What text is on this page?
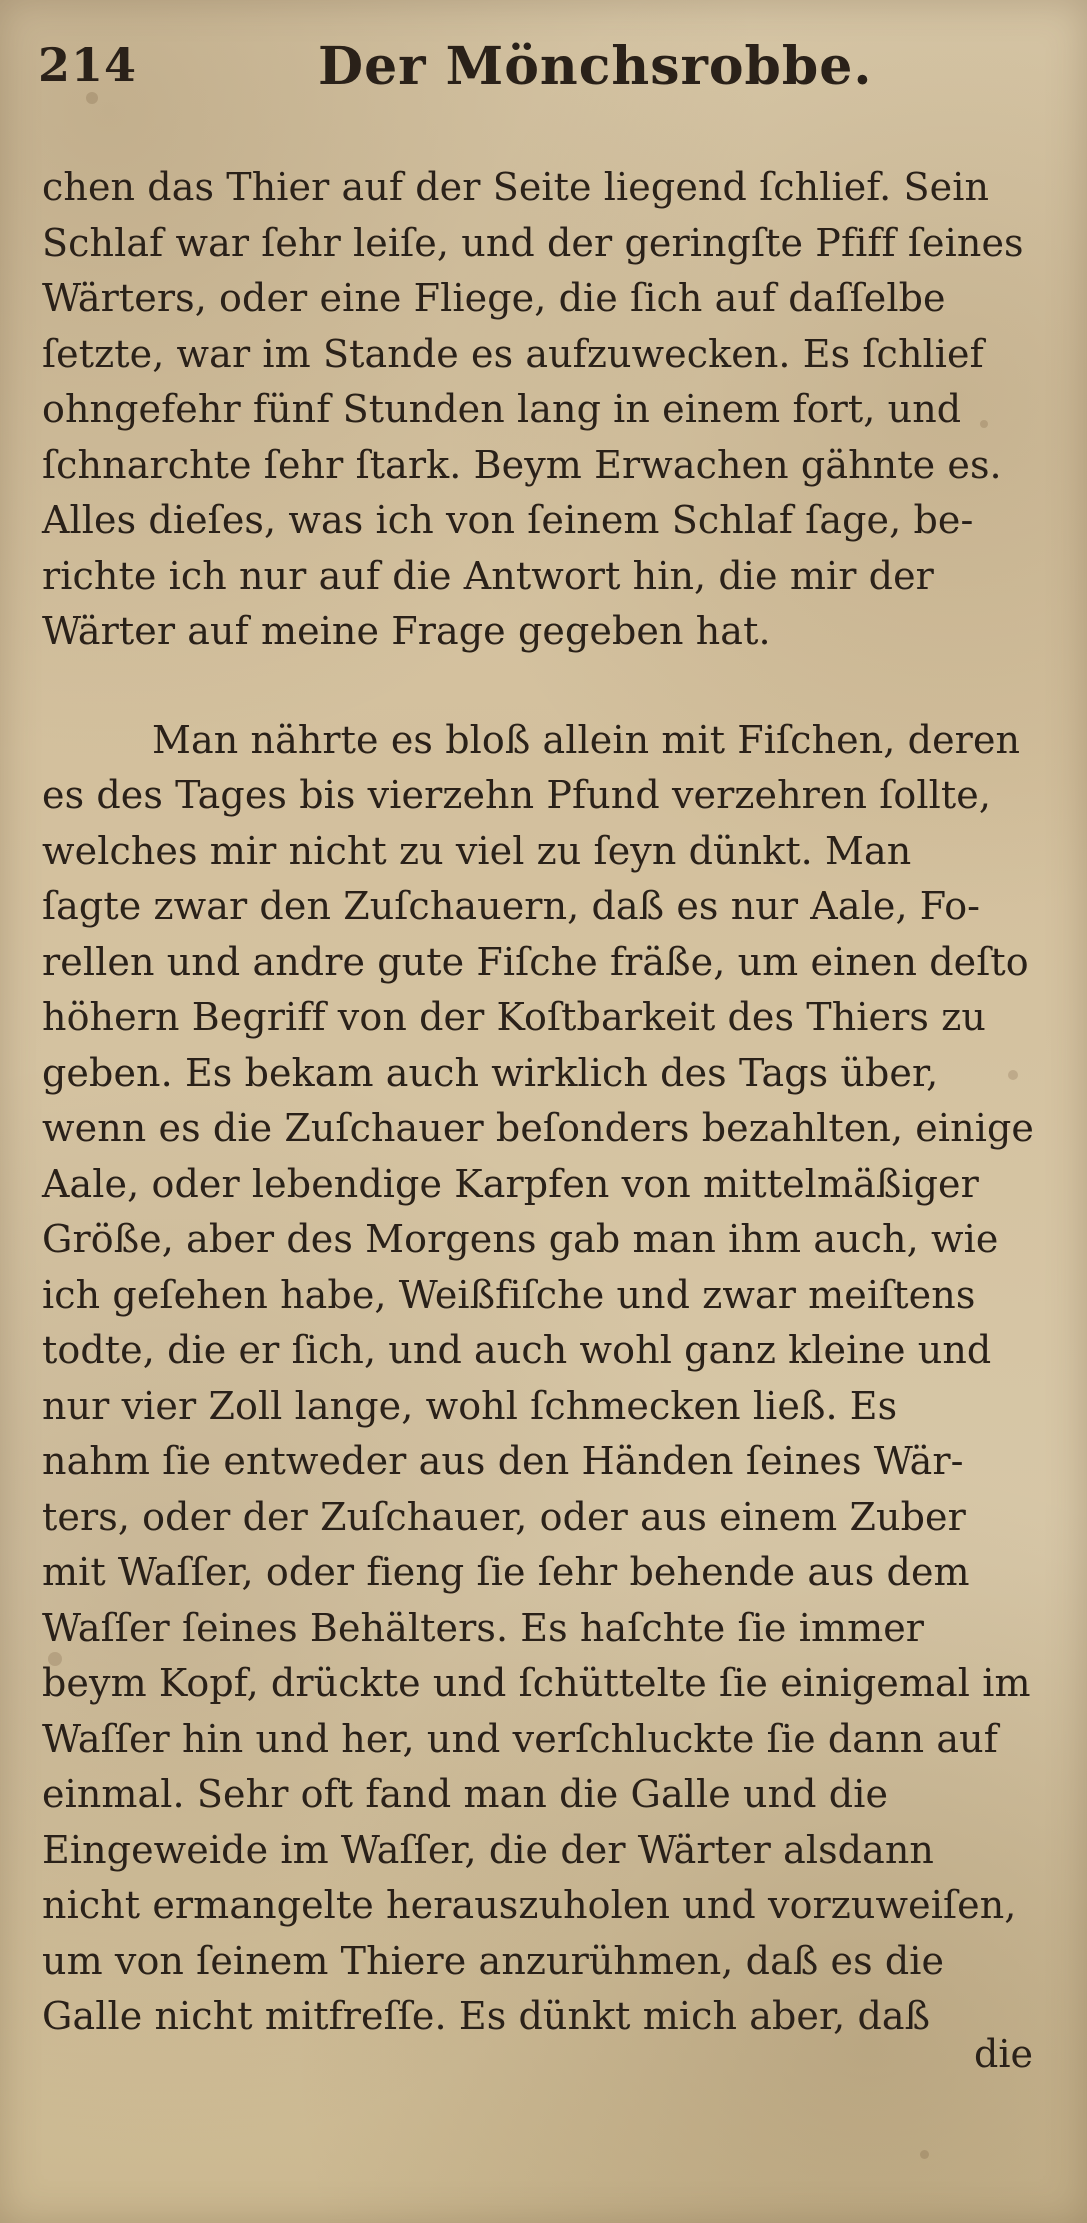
214	Der Mönchsrobbe.
chen das Thier auf der Seite liegend ſchlief. Sein
Schlaf war ſehr leiſe, und der geringſte Pfiff ſeines
Wärters, oder eine Fliege, die ſich auf daſſelbe
ſetzte, war im Stande es aufzuwecken. Es ſchlief
ohngefehr fünf Stunden lang in einem fort, und
ſchnarchte ſehr ſtark. Beym Erwachen gähnte es.
Alles dieſes, was ich von ſeinem Schlaf ſage, be-
richte ich nur auf die Antwort hin, die mir der
Wärter auf meine Frage gegeben hat.
Man nährte es bloß allein mit Fiſchen, deren
es des Tages bis vierzehn Pfund verzehren ſollte,
welches mir nicht zu viel zu ſeyn dünkt. Man
ſagte zwar den Zuſchauern, daß es nur Aale, Fo-
rellen und andre gute Fiſche fräße, um einen deſto
höhern Begriff von der Koſtbarkeit des Thiers zu
geben. Es bekam auch wirklich des Tags über,
wenn es die Zuſchauer beſonders bezahlten, einige
Aale, oder lebendige Karpfen von mittelmäßiger
Größe, aber des Morgens gab man ihm auch, wie
ich geſehen habe, Weißfiſche und zwar meiſtens
todte, die er ſich, und auch wohl ganz kleine und
nur vier Zoll lange, wohl ſchmecken ließ. Es
nahm ſie entweder aus den Händen ſeines Wär-
ters, oder der Zuſchauer, oder aus einem Zuber
mit Waſſer, oder fieng ſie ſehr behende aus dem
Waſſer ſeines Behälters. Es haſchte ſie immer
beym Kopf, drückte und ſchüttelte ſie einigemal im
Waſſer hin und her, und verſchluckte ſie dann auf
einmal. Sehr oft fand man die Galle und die
Eingeweide im Waſſer, die der Wärter alsdann
nicht ermangelte herauszuholen und vorzuweiſen,
um von ſeinem Thiere anzurühmen, daß es die
Galle nicht mitfreſſe. Es dünkt mich aber, daß
die
